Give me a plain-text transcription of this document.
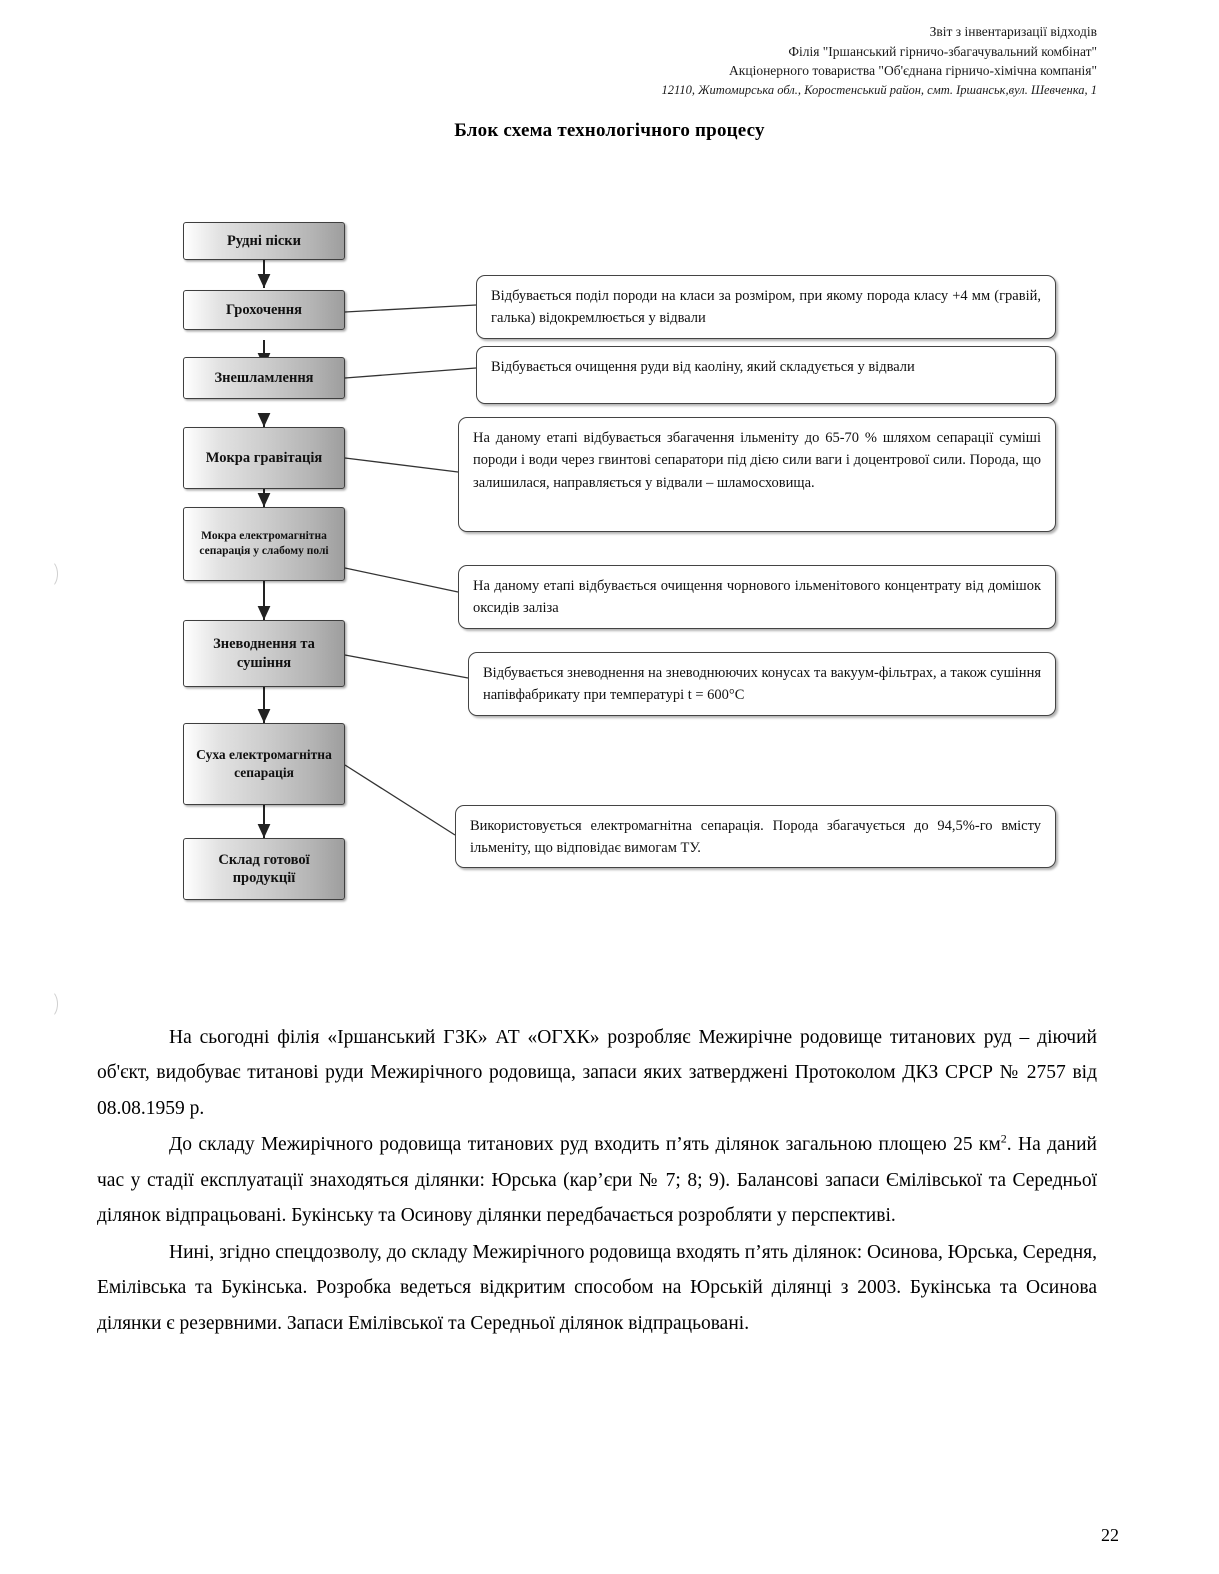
Звіт з інвентаризації відходів
Філія "Іршанський гірничо-збагачувальний комбінат"
Акціонерного товариства "Об'єднана гірничо-хімічна компанія"
12110, Житомирська обл., Коростенський район, смт. Іршанськ,вул. Шевченка, 1
Блок схема технологічного процесу
Рудні піски
Грохочення
Знешламлення
Мокра гравітація
Мокра електромагнітна сепарація у слабому полі
Зневоднення та сушіння
Суха електромагнітна сепарація
Склад готової продукції
Відбувається поділ породи на класи за розміром, при якому порода класу +4 мм (гравій, галька) відокремлюється у відвали
Відбувається очищення руди від каоліну, який складується у відвали
На даному етапі відбувається збагачення ільменіту до 65-70 % шляхом сепарації суміші породи і води через гвинтові сепаратори під дією сили ваги і доцентрової сили. Порода, що залишилася, направляється у відвали – шламосховища.
На даному етапі відбувається очищення чорнового ільменітового концентрату від домішок оксидів заліза
Відбувається зневоднення на зневоднюючих конусах та вакуум-фільтрах, а також сушіння напівфабрикату при температурі t = 600°С
Використовується електромагнітна сепарація. Порода збагачується до 94,5%-го вмісту ільменіту, що відповідає вимогам ТУ.

На сьогодні філія «Іршанський ГЗК» АТ «ОГХК» розробляє Межирічне родовище титанових руд – діючий об'єкт, видобуває титанові руди Межирічного родовища, запаси яких затверджені Протоколом ДКЗ СРСР № 2757 від 08.08.1959 р.

До складу Межирічного родовища титанових руд входить п’ять ділянок загальною площею 25 $км^2$. На даний час у стадії експлуатації знаходяться ділянки: Юрська (кар’єри № 7; 8; 9). Балансові запаси Ємілівської та Середньої ділянок відпрацьовані. Букінську та Осинову ділянки передбачається розробляти у перспективі.

Нині, згідно спецдозволу, до складу Межирічного родовища входять п’ять ділянок: Осинова, Юрська, Середня, Емілівська та Букінська. Розробка ведеться відкритим способом на Юрській ділянці з 2003. Букінська та Осинова ділянки є резервними. Запаси Емілівської та Середньої ділянок відпрацьовані.

22
